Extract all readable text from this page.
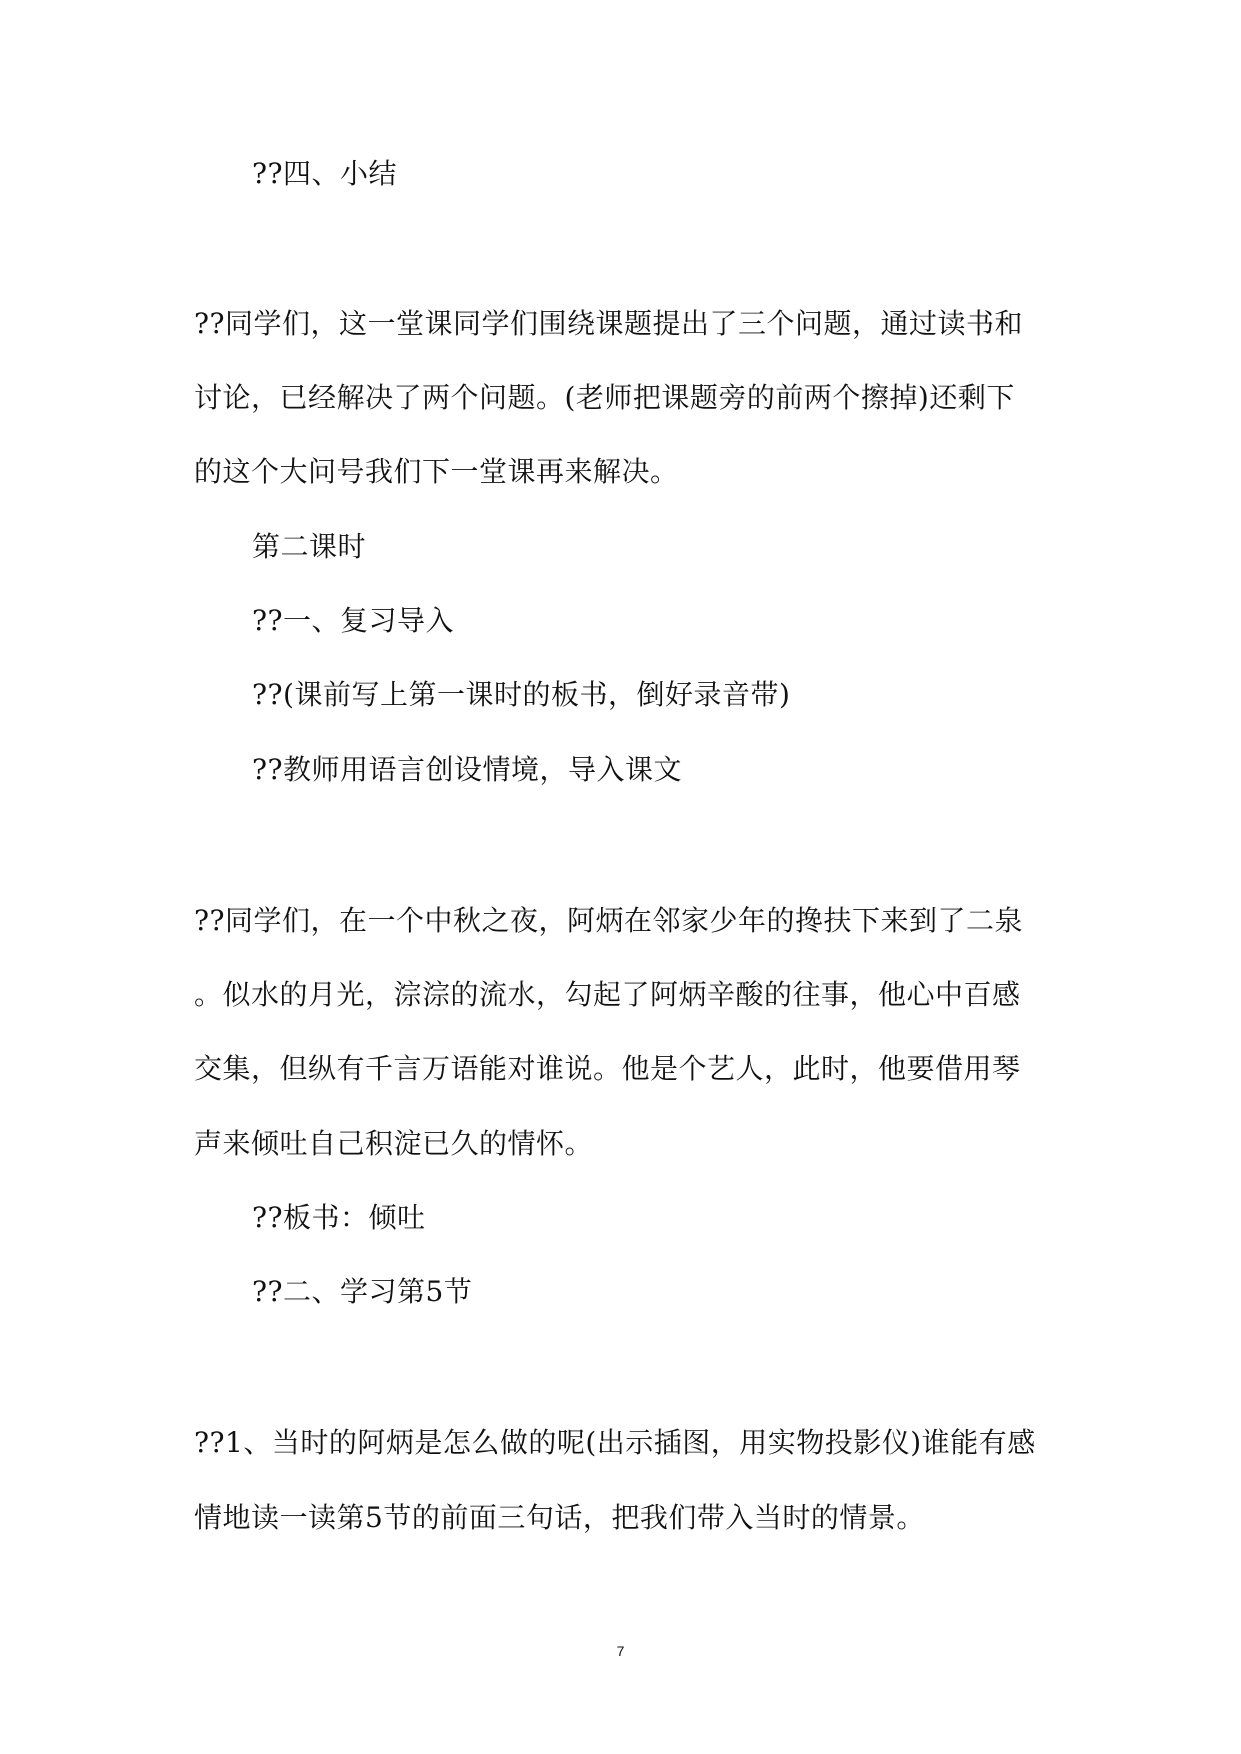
??四、小结

??同学们，这一堂课同学们围绕课题提出了三个问题，通过读书和

讨论，已经解决了两个问题。(老师把课题旁的前两个擦掉)还剩下

的这个大问号我们下一堂课再来解决。

第二课时

??一、复习导入

??(课前写上第一课时的板书，倒好录音带)

??教师用语言创设情境，导入课文

??同学们，在一个中秋之夜，阿炳在邻家少年的搀扶下来到了二泉

。似水的月光，淙淙的流水，勾起了阿炳辛酸的往事，他心中百感

交集，但纵有千言万语能对谁说。他是个艺人，此时，他要借用琴

声来倾吐自己积淀已久的情怀。

??板书：倾吐

??二、学习第5节

??1、当时的阿炳是怎么做的呢(出示插图，用实物投影仪)谁能有感

情地读一读第5节的前面三句话，把我们带入当时的情景。

7
